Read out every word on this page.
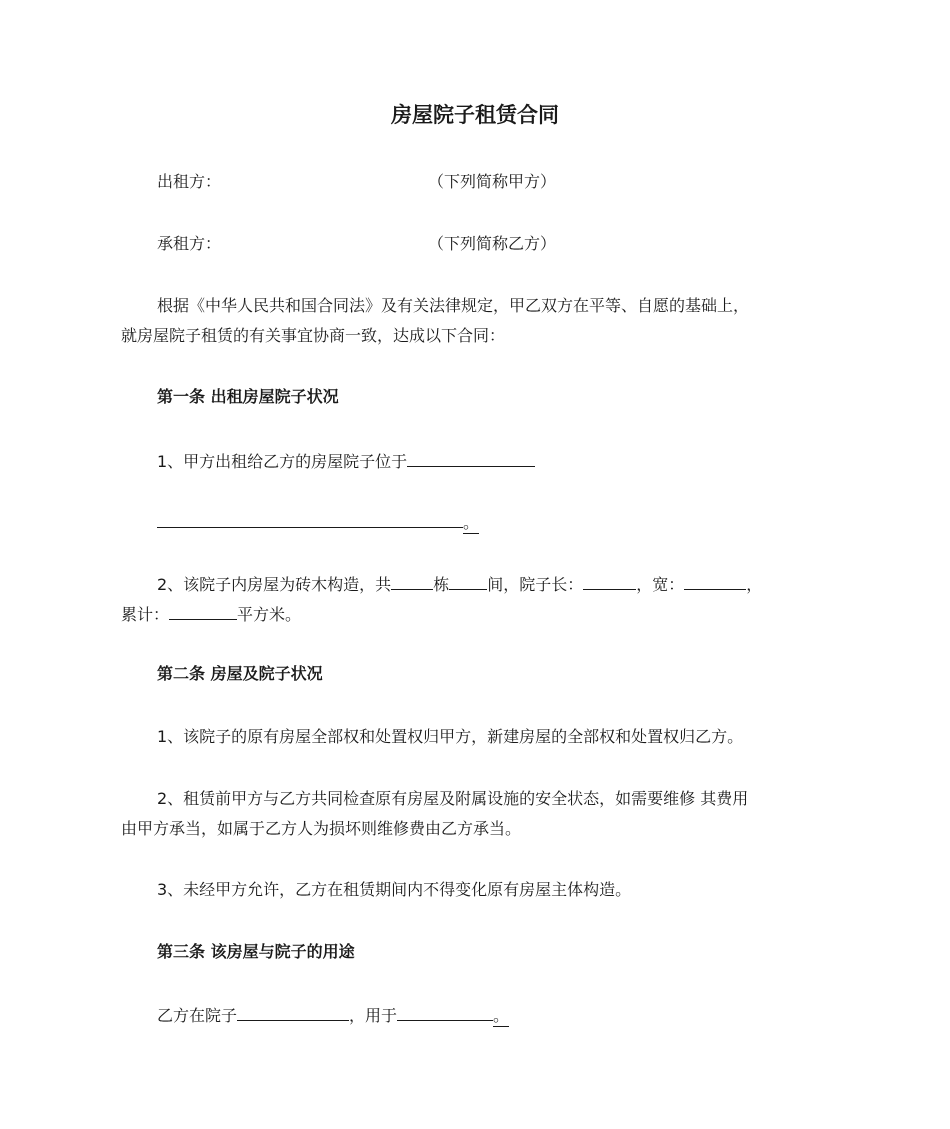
房屋院子租赁合同
出租方：	（下列简称甲方）
承租方：	（下列简称乙方）
根据《中华人民共和国合同法》及有关法律规定，甲乙双方在平等、自愿的基础上，
就房屋院子租赁的有关事宜协商一致，达成以下合同：
第一条 出租房屋院子状况
1、甲方出租给乙方的房屋院子位于
。
2、该院子内房屋为砖木构造，共	栋 间，院子长：	，宽：	，
累计：	平方米。
第二条 房屋及院子状况
1、该院子的原有房屋全部权和处置权归甲方，新建房屋的全部权和处置权归乙方。
2、租赁前甲方与乙方共同检查原有房屋及附属设施的安全状态，如需要维修 其费用
由甲方承当，如属于乙方人为损坏则维修费由乙方承当。
3、未经甲方允许，乙方在租赁期间内不得变化原有房屋主体构造。
第三条 该房屋与院子的用途
乙方在院子	，用于	。
